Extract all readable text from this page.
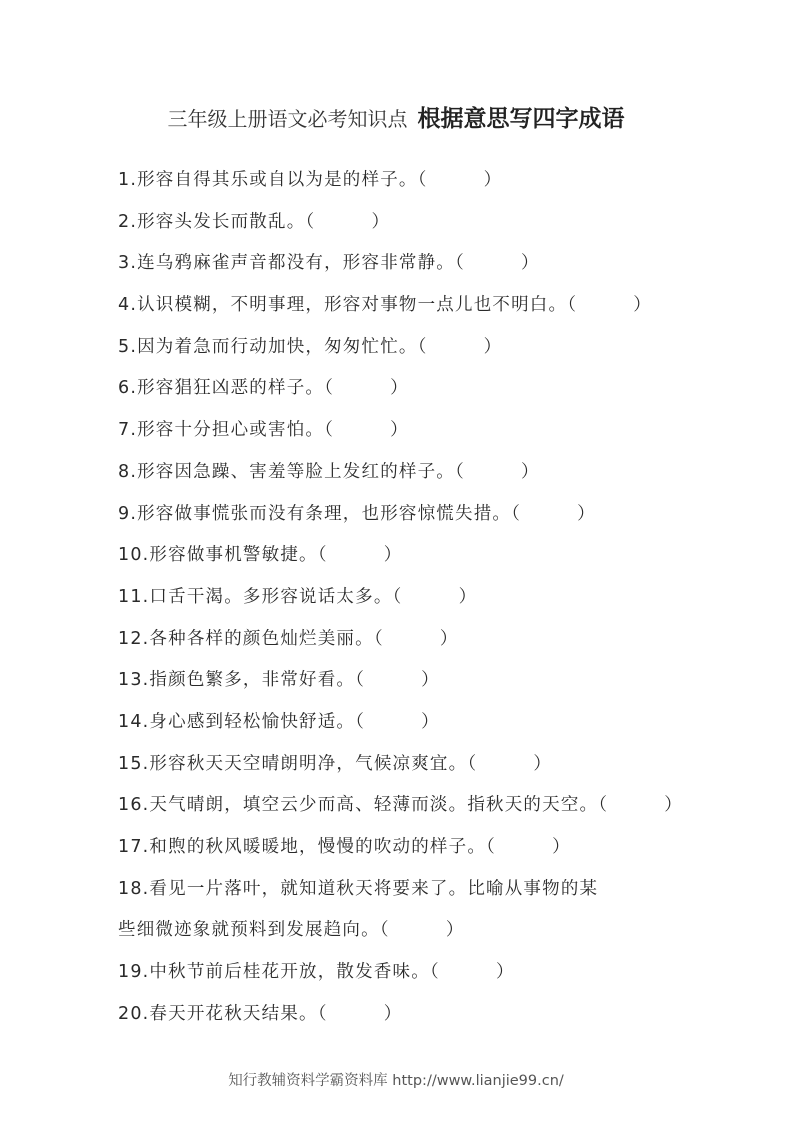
三年级上册语文必考知识点 根据意思写四字成语
1.形容自得其乐或自以为是的样子。（　　　）
2.形容头发长而散乱。（　　　）
3.连乌鸦麻雀声音都没有，形容非常静。（　　　）
4.认识模糊，不明事理，形容对事物一点儿也不明白。（　　　）
5.因为着急而行动加快，匆匆忙忙。（　　　）
6.形容猖狂凶恶的样子。（　　　）
7.形容十分担心或害怕。（　　　）
8.形容因急躁、害羞等脸上发红的样子。（　　　）
9.形容做事慌张而没有条理，也形容惊慌失措。（　　　）
10.形容做事机警敏捷。（　　　）
11.口舌干渴。多形容说话太多。（　　　）
12.各种各样的颜色灿烂美丽。（　　　）
13.指颜色繁多，非常好看。（　　　）
14.身心感到轻松愉快舒适。（　　　）
15.形容秋天天空晴朗明净，气候凉爽宜。（　　　）
16.天气晴朗，填空云少而高、轻薄而淡。指秋天的天空。（　　　）
17.和煦的秋风暖暖地，慢慢的吹动的样子。（　　　）
18.看见一片落叶，就知道秋天将要来了。比喻从事物的某
些细微迹象就预料到发展趋向。（　　　）
19.中秋节前后桂花开放，散发香味。（　　　）
20.春天开花秋天结果。（　　　）
知行教辅资料学霸资料库 http://www.lianjie99.cn/
